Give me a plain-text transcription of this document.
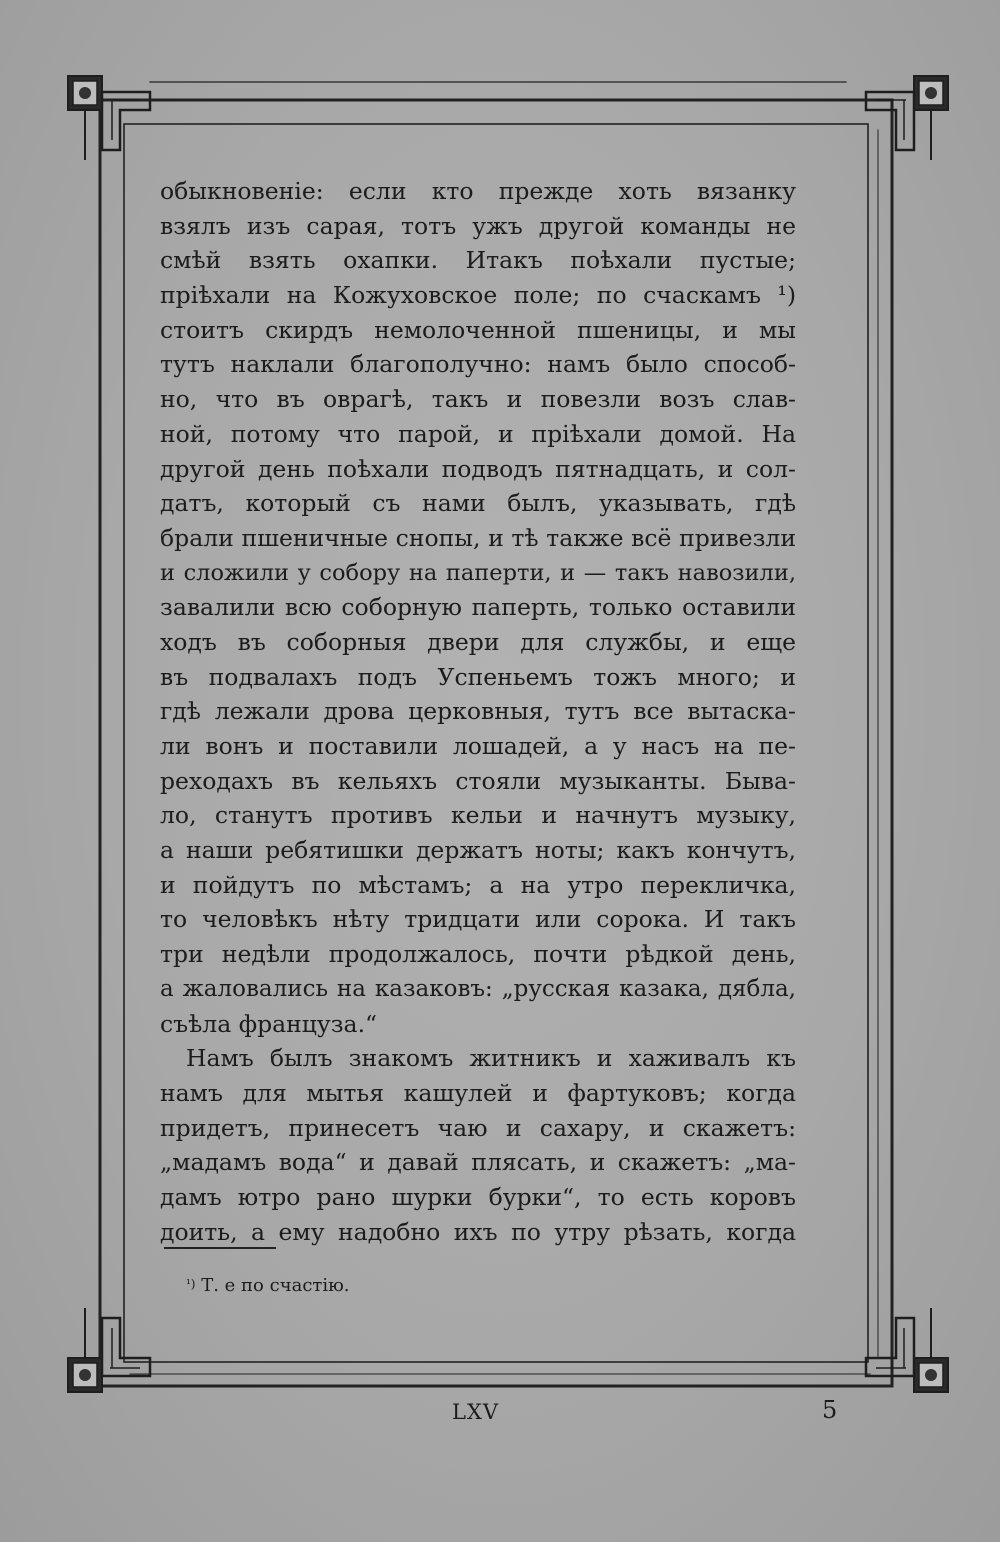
обыкновеніе: если кто прежде хоть вязанку
взялъ изъ сарая, тотъ ужъ другой команды не
смѣй взять охапки. Итакъ поѣхали пустые;
пріѣхали на Кожуховское поле; по счаскамъ ¹)
стоитъ скирдъ немолоченной пшеницы, и мы
тутъ наклали благополучно: намъ было способ-
но, что въ оврагѣ, такъ и повезли возъ слав-
ной, потому что парой, и пріѣхали домой. На
другой день поѣхали подводъ пятнадцать, и сол-
датъ, который съ нами былъ, указывать, гдѣ
брали пшеничные снопы, и тѣ также всё привезли
и сложили у собору на паперти, и — такъ навозили,
завалили всю соборную паперть, только оставили
ходъ въ соборныя двери для службы, и еще
въ подвалахъ подъ Успеньемъ тожъ много; и
гдѣ лежали дрова церковныя, тутъ все вытаска-
ли вонъ и поставили лошадей, а у насъ на пе-
реходахъ въ кельяхъ стояли музыканты. Быва-
ло, станутъ противъ кельи и начнутъ музыку,
а наши ребятишки держатъ ноты; какъ кончутъ,
и пойдутъ по мѣстамъ; а на утро перекличка,
то человѣкъ нѣту тридцати или сорока. И такъ
три недѣли продолжалось, почти рѣдкой день,
а жаловались на казаковъ: „русская казака, дябла,
съѣла француза.“
Намъ былъ знакомъ житникъ и хаживалъ къ
намъ для мытья кашулей и фартуковъ; когда
придетъ, принесетъ чаю и сахару, и скажетъ:
„мадамъ вода“ и давай плясать, и скажетъ: „ма-
дамъ ютро рано шурки бурки“, то есть коровъ
доить, а ему надобно ихъ по утру рѣзать, когда
$^{^1)}$ Т. е по счастію.
LXV	5
